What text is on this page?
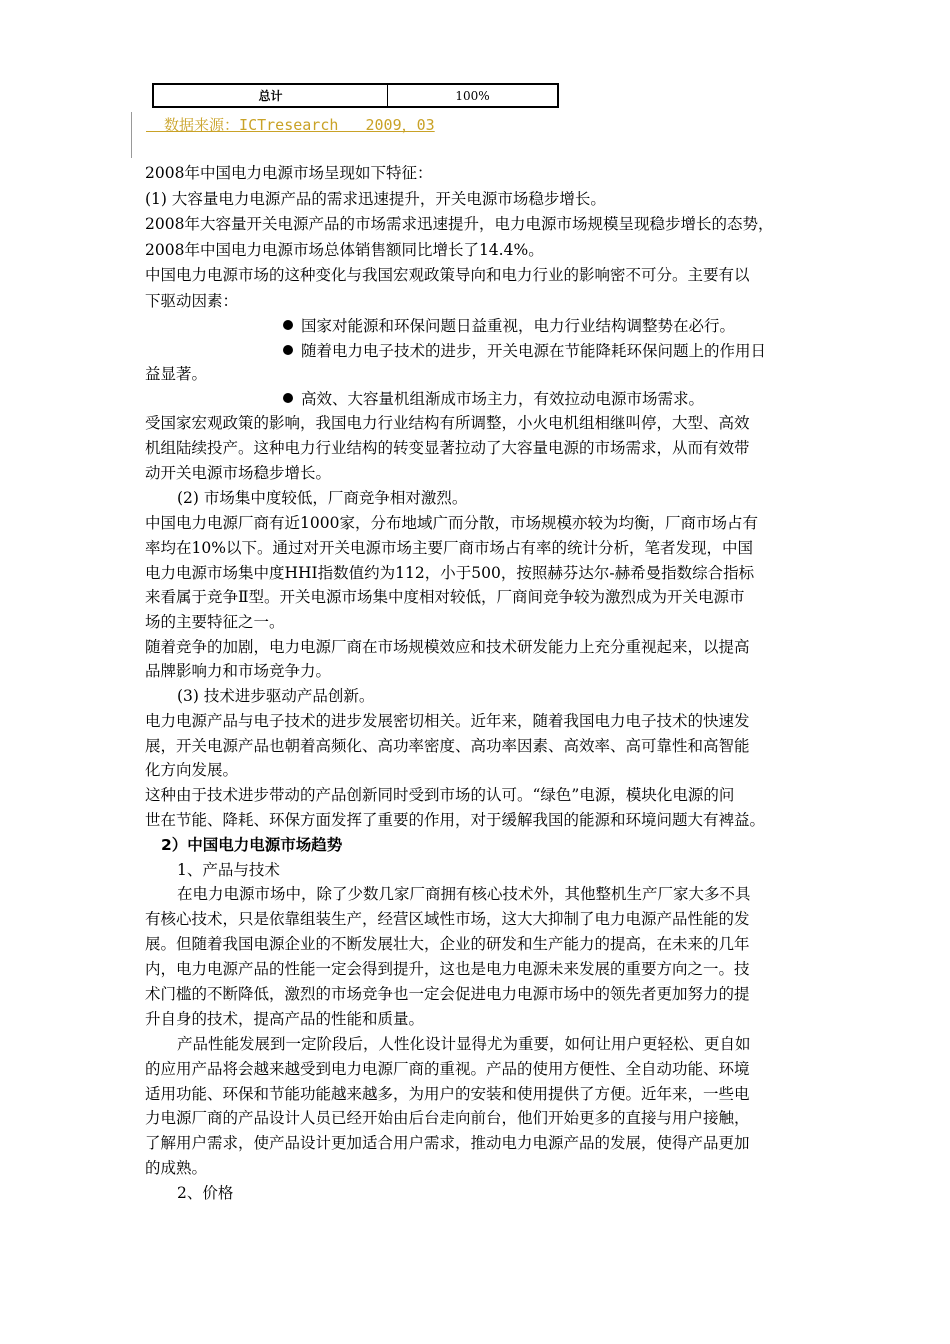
总计	100%
数据来源：ICTresearch   2009，03
2008年中国电力电源市场呈现如下特征：
(1) 大容量电力电源产品的需求迅速提升，开关电源市场稳步增长。
2008年大容量开关电源产品的市场需求迅速提升，电力电源市场规模呈现稳步增长的态势，
2008年中国电力电源市场总体销售额同比增长了14.4%。
中国电力电源市场的这种变化与我国宏观政策导向和电力行业的影响密不可分。主要有以
下驱动因素：
国家对能源和环保问题日益重视，电力行业结构调整势在必行。
随着电力电子技术的进步，开关电源在节能降耗环保问题上的作用日
益显著。
高效、大容量机组渐成市场主力，有效拉动电源市场需求。
受国家宏观政策的影响，我国电力行业结构有所调整，小火电机组相继叫停，大型、高效
机组陆续投产。这种电力行业结构的转变显著拉动了大容量电源的市场需求，从而有效带
动开关电源市场稳步增长。
(2) 市场集中度较低，厂商竞争相对激烈。
中国电力电源厂商有近1000家，分布地域广而分散，市场规模亦较为均衡，厂商市场占有
率均在10%以下。通过对开关电源市场主要厂商市场占有率的统计分析，笔者发现，中国
电力电源市场集中度HHI指数值约为112，小于500，按照赫芬达尔-赫希曼指数综合指标
来看属于竞争Ⅱ型。开关电源市场集中度相对较低，厂商间竞争较为激烈成为开关电源市
场的主要特征之一。
随着竞争的加剧，电力电源厂商在市场规模效应和技术研发能力上充分重视起来，以提高
品牌影响力和市场竞争力。
(3) 技术进步驱动产品创新。
电力电源产品与电子技术的进步发展密切相关。近年来，随着我国电力电子技术的快速发
展，开关电源产品也朝着高频化、高功率密度、高功率因素、高效率、高可靠性和高智能
化方向发展。
这种由于技术进步带动的产品创新同时受到市场的认可。“绿色”电源，模块化电源的问
世在节能、降耗、环保方面发挥了重要的作用，对于缓解我国的能源和环境问题大有裨益。
2）中国电力电源市场趋势
1、产品与技术
在电力电源市场中，除了少数几家厂商拥有核心技术外，其他整机生产厂家大多不具
有核心技术，只是依靠组装生产，经营区域性市场，这大大抑制了电力电源产品性能的发
展。但随着我国电源企业的不断发展壮大，企业的研发和生产能力的提高，在未来的几年
内，电力电源产品的性能一定会得到提升，这也是电力电源未来发展的重要方向之一。技
术门槛的不断降低，激烈的市场竞争也一定会促进电力电源市场中的领先者更加努力的提
升自身的技术，提高产品的性能和质量。
产品性能发展到一定阶段后，人性化设计显得尤为重要，如何让用户更轻松、更自如
的应用产品将会越来越受到电力电源厂商的重视。产品的使用方便性、全自动功能、环境
适用功能、环保和节能功能越来越多，为用户的安装和使用提供了方便。近年来，一些电
力电源厂商的产品设计人员已经开始由后台走向前台，他们开始更多的直接与用户接触，
了解用户需求，使产品设计更加适合用户需求，推动电力电源产品的发展，使得产品更加
的成熟。
2、价格
